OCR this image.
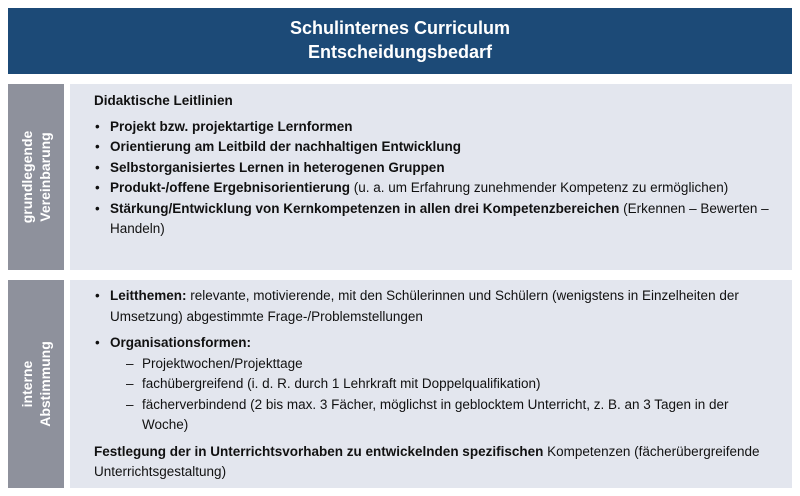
Schulinternes Curriculum
Entscheidungsbedarf
grundlegende Vereinbarung
Didaktische Leitlinien
• Projekt bzw. projektartige Lernformen
• Orientierung am Leitbild der nachhaltigen Entwicklung
• Selbstorganisiertes Lernen in heterogenen Gruppen
• Produkt-/offene Ergebnisorientierung (u. a. um Erfahrung zunehmender Kompetenz zu ermöglichen)
• Stärkung/Entwicklung von Kernkompetenzen in allen drei Kompetenzbereichen (Erkennen – Bewerten – Handeln)
interne Abstimmung
• Leitthemen: relevante, motivierende, mit den Schülerinnen und Schülern (wenigstens in Einzelheiten der Umsetzung) abgestimmte Frage-/Problemstellungen
• Organisationsformen:
– Projektwochen/Projekttage
– fachübergreifend (i. d. R. durch 1 Lehrkraft mit Doppelqualifikation)
– fächerverbindend (2 bis max. 3 Fächer, möglichst in geblocktem Unterricht, z. B. an 3 Tagen in der Woche)
Festlegung der in Unterrichtsvorhaben zu entwickelnden spezifischen Kompetenzen (fächerübergreifende Unterrichtsgestaltung)
